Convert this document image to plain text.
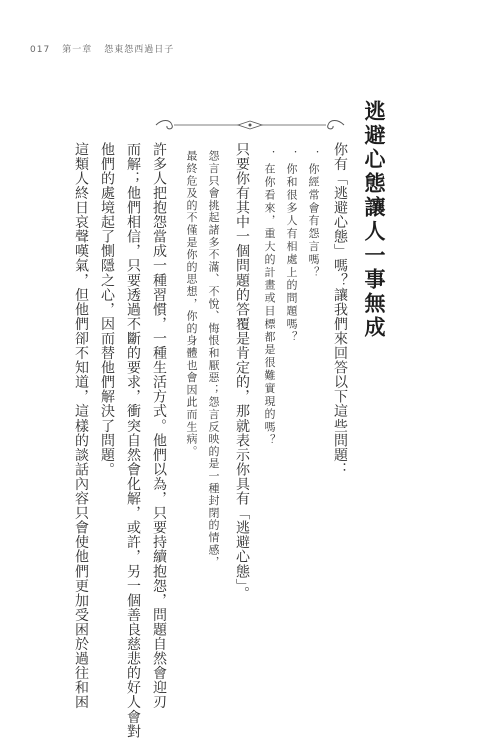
017 第一章 怨東怨西過日子
逃避心態讓人一事無成
你有「逃避心態」嗎？讓我們來回答以下這些問題：
．你經常會有怨言嗎？
．你和很多人有相處上的問題嗎？
．在你看來，重大的計畫或目標都是很難實現的嗎？
只要你有其中一個問題的答覆是肯定的，那就表示你具有「逃避心態」。
怨言只會挑起諸多不滿、不悅、悔恨和厭惡；怨言反映的是一種封閉的情感，
最終危及的不僅是你的思想，你的身體也會因此而生病。
許多人把抱怨當成一種習慣，一種生活方式。他們以為，只要持續抱怨，問題自然會迎刃
而解；他們相信，只要透過不斷的要求，衝突自然會化解，或許，另一個善良慈悲的好人會對
他們的處境起了惻隱之心，因而替他們解決了問題。
這類人終日哀聲嘆氣，但他們卻不知道，這樣的談話內容只會使他們更加受困於過往和困
